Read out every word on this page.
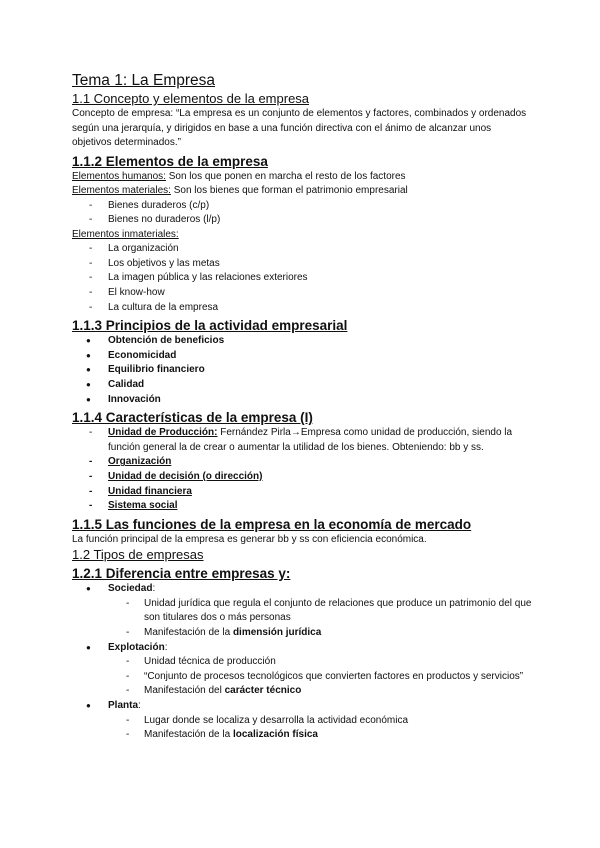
Tema 1: La Empresa
1.1 Concepto y elementos de la empresa

Concepto de empresa: “La empresa es un conjunto de elementos y factores, combinados y ordenados según una jerarquía, y dirigidos en base a una función directiva con el ánimo de alcanzar unos objetivos determinados.”

1.1.2 Elementos de la empresa

Elementos humanos: Son los que ponen en marcha el resto de los factores

Elementos materiales: Son los bienes que forman el patrimonio empresarial

- Bienes duraderos (c/p)
- Bienes no duraderos (l/p)

Elementos inmateriales:

- La organización
- Los objetivos y las metas
- La imagen pública y las relaciones exteriores
- El know-how
- La cultura de la empresa
1.1.3 Principios de la actividad empresarial
● Obtención de beneficios
● Economicidad
● Equilibrio financiero
● Calidad
● Innovación
1.1.4 Características de la empresa (I)
- Unidad de Producción: Fernández Pirla→Empresa como unidad de producción, siendo la función general la de crear o aumentar la utilidad de los bienes. Obteniendo: bb y ss.
- Organización
- Unidad de decisión (o dirección)
- Unidad financiera
- Sistema social
1.1.5 Las funciones de la empresa en la economía de mercado

La función principal de la empresa es generar bb y ss con eficiencia económica.

1.2 Tipos de empresas
1.2.1 Diferencia entre empresas y:
● Sociedad:
- Unidad jurídica que regula el conjunto de relaciones que produce un patrimonio del que son titulares dos o más personas
- Manifestación de la dimensión jurídica
● Explotación:
- Unidad técnica de producción
- “Conjunto de procesos tecnológicos que convierten factores en productos y servicios”
- Manifestación del carácter técnico
● Planta:
- Lugar donde se localiza y desarrolla la actividad económica
- Manifestación de la localización física
